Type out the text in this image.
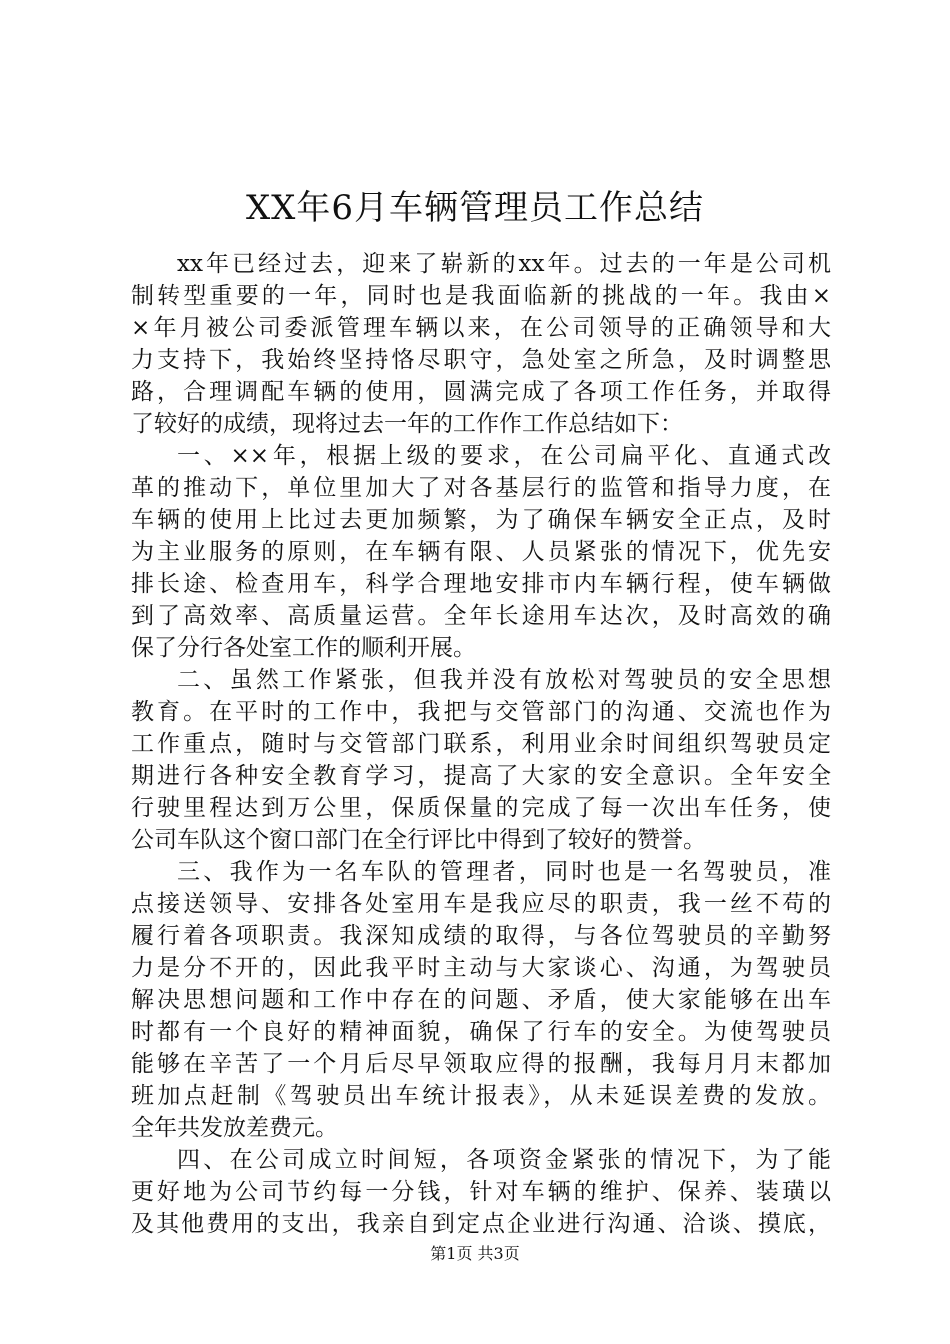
XX年6月车辆管理员工作总结
xx年已经过去，迎来了崭新的xx年。过去的一年是公司机
制转型重要的一年，同时也是我面临新的挑战的一年。我由×
×年月被公司委派管理车辆以来，在公司领导的正确领导和大
力支持下，我始终坚持恪尽职守，急处室之所急，及时调整思
路，合理调配车辆的使用，圆满完成了各项工作任务，并取得
了较好的成绩，现将过去一年的工作作工作总结如下：
一、××年，根据上级的要求，在公司扁平化、直通式改
革的推动下，单位里加大了对各基层行的监管和指导力度，在
车辆的使用上比过去更加频繁，为了确保车辆安全正点，及时
为主业服务的原则，在车辆有限、人员紧张的情况下，优先安
排长途、检查用车，科学合理地安排市内车辆行程，使车辆做
到了高效率、高质量运营。全年长途用车达次，及时高效的确
保了分行各处室工作的顺利开展。
二、虽然工作紧张，但我并没有放松对驾驶员的安全思想
教育。在平时的工作中，我把与交管部门的沟通、交流也作为
工作重点，随时与交管部门联系，利用业余时间组织驾驶员定
期进行各种安全教育学习，提高了大家的安全意识。全年安全
行驶里程达到万公里，保质保量的完成了每一次出车任务，使
公司车队这个窗口部门在全行评比中得到了较好的赞誉。
三、我作为一名车队的管理者，同时也是一名驾驶员，准
点接送领导、安排各处室用车是我应尽的职责，我一丝不苟的
履行着各项职责。我深知成绩的取得，与各位驾驶员的辛勤努
力是分不开的，因此我平时主动与大家谈心、沟通，为驾驶员
解决思想问题和工作中存在的问题、矛盾，使大家能够在出车
时都有一个良好的精神面貌，确保了行车的安全。为使驾驶员
能够在辛苦了一个月后尽早领取应得的报酬，我每月月末都加
班加点赶制《驾驶员出车统计报表》，从未延误差费的发放。
全年共发放差费元。
四、在公司成立时间短，各项资金紧张的情况下，为了能
更好地为公司节约每一分钱，针对车辆的维护、保养、装璜以
及其他费用的支出，我亲自到定点企业进行沟通、洽谈、摸底，
第1页 共3页
